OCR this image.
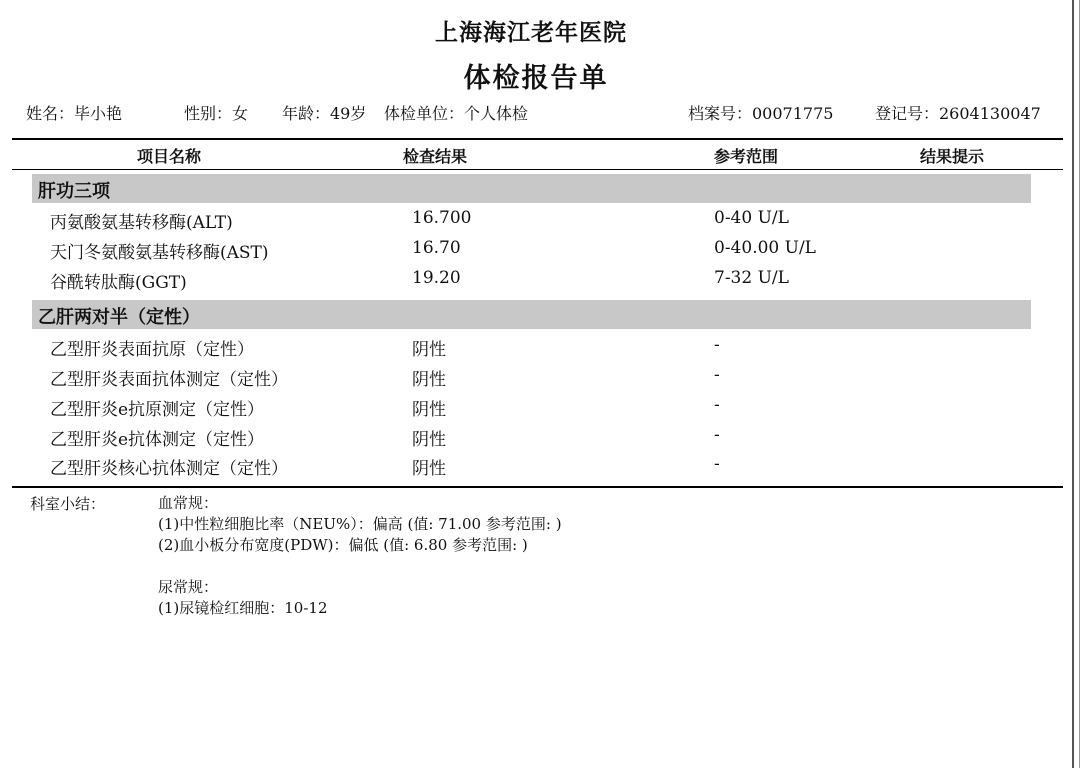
上海海江老年医院
体检报告单
姓名：毕小艳	性别：女 年龄：49岁 体检单位：个人体检	档案号：00071775	登记号：2604130047
项目名称	检查结果	参考范围	结果提示
肝功三项
丙氨酸氨基转移酶(ALT)	16.700	0-40 U/L
天门冬氨酸氨基转移酶(AST)	16.70	0-40.00 U/L
谷酰转肽酶(GGT)	19.20	7-32 U/L
乙肝两对半（定性）
乙型肝炎表面抗原（定性）	阴性	-
乙型肝炎表面抗体测定（定性）	阴性	-
乙型肝炎e抗原测定（定性）	阴性	-
乙型肝炎e抗体测定（定性）	阴性	-
乙型肝炎核心抗体测定（定性）	阴性	-
科室小结：	血常规：
(1)中性粒细胞比率（NEU%）：偏高 (值: 71.00 参考范围: )
(2)血小板分布宽度(PDW)：偏低 (值: 6.80 参考范围: )
尿常规：
(1)尿镜检红细胞：10-12
